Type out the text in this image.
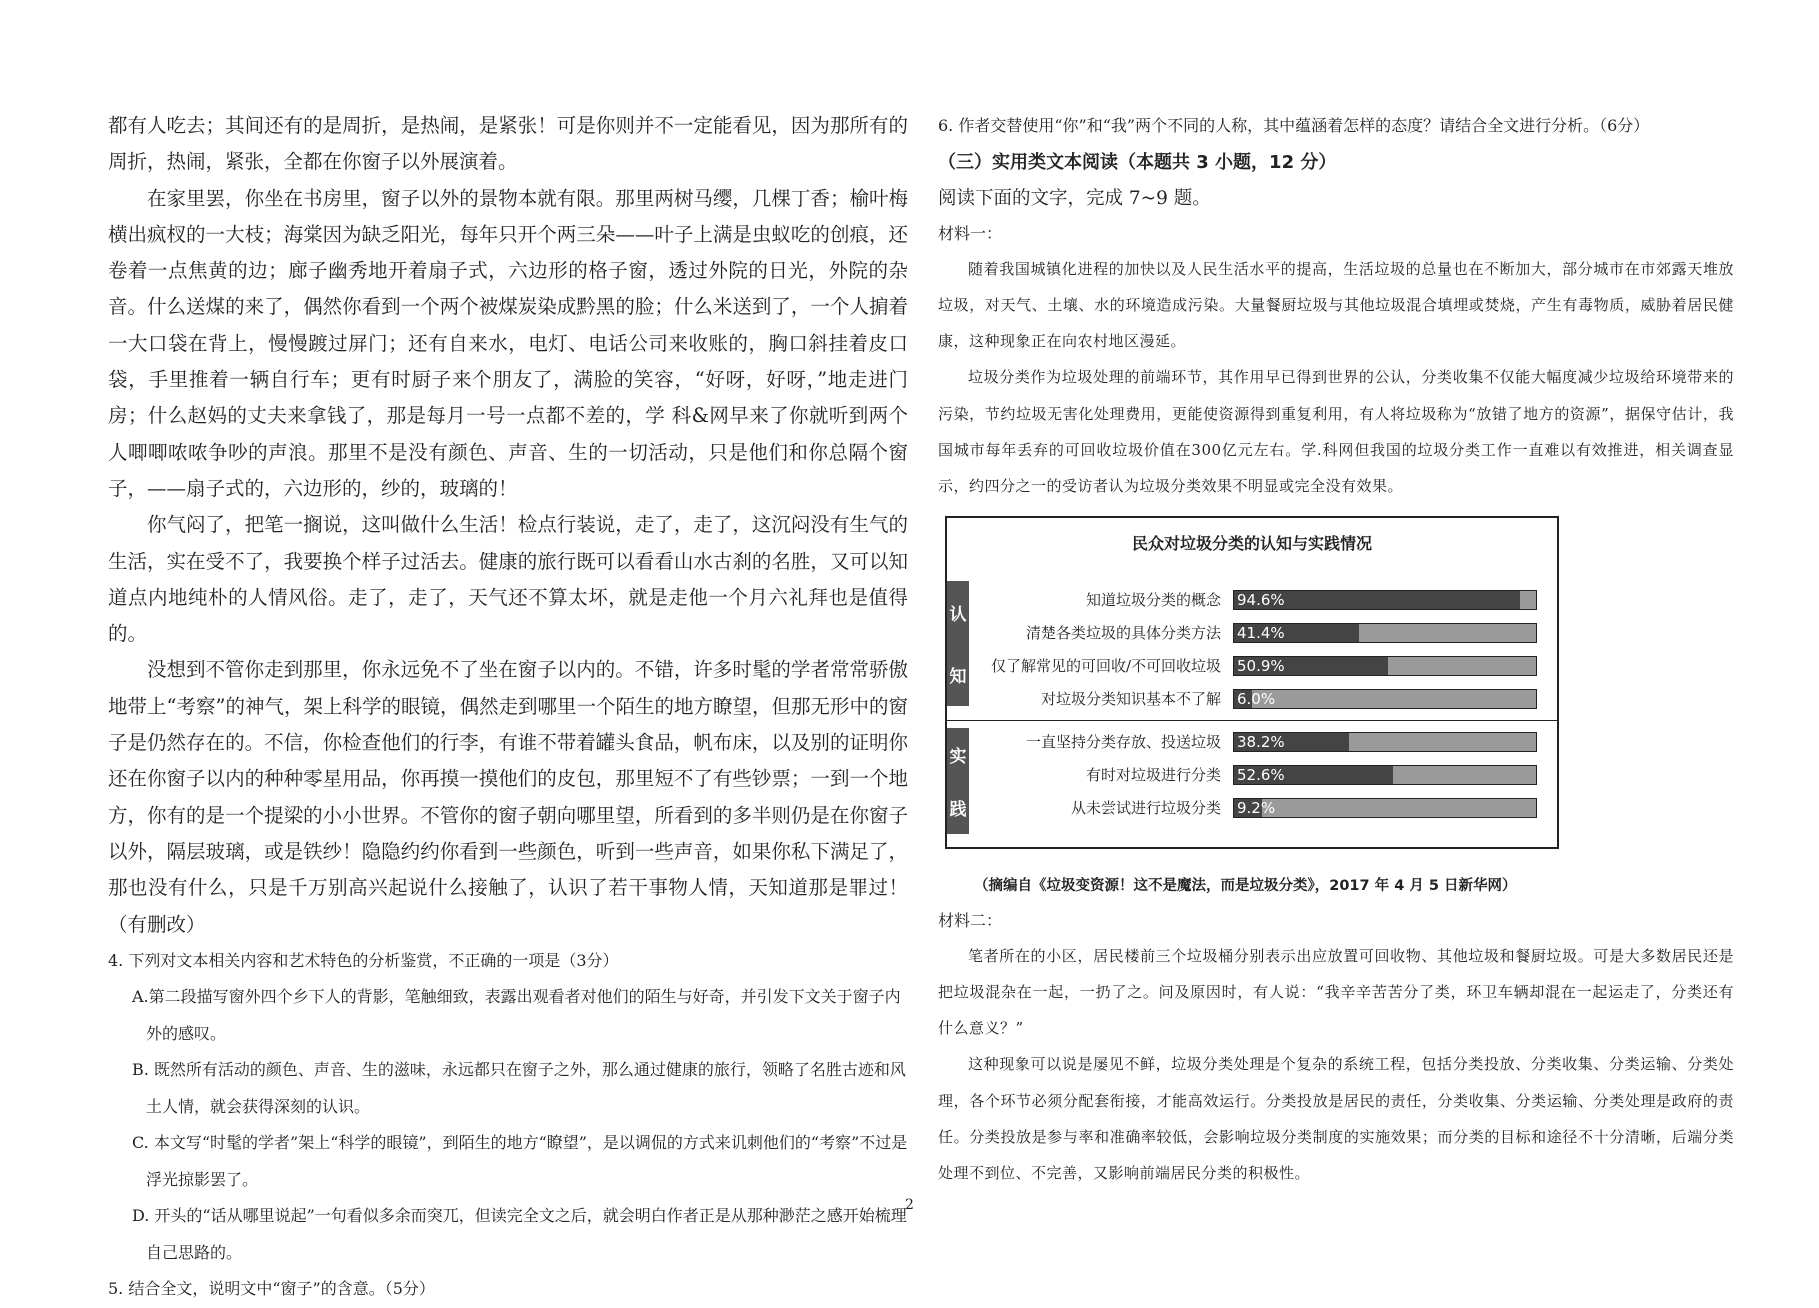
都有人吃去；其间还有的是周折，是热闹，是紧张！可是你则并不一定能看见，因为那所有的周折，热闹，紧张，全都在你窗子以外展演着。

在家里罢，你坐在书房里，窗子以外的景物本就有限。那里两树马缨，几棵丁香；榆叶梅横出疯杈的一大枝；海棠因为缺乏阳光，每年只开个两三朵——叶子上满是虫蚁吃的创痕，还卷着一点焦黄的边；廊子幽秀地开着扇子式，六边形的格子窗，透过外院的日光，外院的杂音。什么送煤的来了，偶然你看到一个两个被煤炭染成黔黑的脸；什么米送到了，一个人掮着一大口袋在背上，慢慢踱过屏门；还有自来水，电灯、电话公司来收账的，胸口斜挂着皮口袋，手里推着一辆自行车；更有时厨子来个朋友了，满脸的笑容，“好呀，好呀，”地走进门房；什么赵妈的丈夫来拿钱了，那是每月一号一点都不差的，学 科&网早来了你就听到两个人唧唧哝哝争吵的声浪。那里不是没有颜色、声音、生的一切活动，只是他们和你总隔个窗子，——扇子式的，六边形的，纱的，玻璃的！

你气闷了，把笔一搁说，这叫做什么生活！检点行装说，走了，走了，这沉闷没有生气的生活，实在受不了，我要换个样子过活去。健康的旅行既可以看看山水古刹的名胜，又可以知道点内地纯朴的人情风俗。走了，走了，天气还不算太坏，就是走他一个月六礼拜也是值得的。

没想到不管你走到那里，你永远免不了坐在窗子以内的。不错，许多时髦的学者常常骄傲地带上“考察”的神气，架上科学的眼镜，偶然走到哪里一个陌生的地方瞭望，但那无形中的窗子是仍然存在的。不信，你检查他们的行李，有谁不带着罐头食品，帆布床，以及别的证明你还在你窗子以内的种种零星用品，你再摸一摸他们的皮包，那里短不了有些钞票；一到一个地方，你有的是一个提梁的小小世界。不管你的窗子朝向哪里望，所看到的多半则仍是在你窗子以外，隔层玻璃，或是铁纱！隐隐约约你看到一些颜色，听到一些声音，如果你私下满足了，那也没有什么，只是千万别高兴起说什么接触了，认识了若干事物人情，天知道那是罪过！（有删改）

4. 下列对文本相关内容和艺术特色的分析鉴赏，不正确的一项是（3分）

A.第二段描写窗外四个乡下人的背影，笔触细致，表露出观看者对他们的陌生与好奇，并引发下文关于窗子内外的感叹。

B. 既然所有活动的颜色、声音、生的滋味，永远都只在窗子之外，那么通过健康的旅行，领略了名胜古迹和风土人情，就会获得深刻的认识。

C. 本文写“时髦的学者”架上“科学的眼镜”，到陌生的地方“瞭望”，是以调侃的方式来讥刺他们的“考察”不过是浮光掠影罢了。

D. 开头的“话从哪里说起”一句看似多余而突兀，但读完全文之后，就会明白作者正是从那种渺茫之感开始梳理自己思路的。

5. 结合全文，说明文中“窗子”的含意。（5分）

6. 作者交替使用“你”和“我”两个不同的人称，其中蕴涵着怎样的态度？请结合全文进行分析。（6分）

（三）实用类文本阅读（本题共 3 小题，12 分）

阅读下面的文字，完成 7~9 题。

材料一：

随着我国城镇化进程的加快以及人民生活水平的提高，生活垃圾的总量也在不断加大，部分城市在市郊露天堆放垃圾，对天气、土壤、水的环境造成污染。大量餐厨垃圾与其他垃圾混合填埋或焚烧，产生有毒物质，威胁着居民健康，这种现象正在向农村地区漫延。

垃圾分类作为垃圾处理的前端环节，其作用早已得到世界的公认，分类收集不仅能大幅度减少垃圾给环境带来的污染，节约垃圾无害化处理费用，更能使资源得到重复利用，有人将垃圾称为“放错了地方的资源”，据保守估计，我国城市每年丢弃的可回收垃圾价值在300亿元左右。学.科网但我国的垃圾分类工作一直难以有效推进，相关调查显示，约四分之一的受访者认为垃圾分类效果不明显或完全没有效果。

（摘编自《垃圾变资源！这不是魔法，而是垃圾分类》，2017 年 4 月 5 日新华网）

材料二：

笔者所在的小区，居民楼前三个垃圾桶分别表示出应放置可回收物、其他垃圾和餐厨垃圾。可是大多数居民还是把垃圾混杂在一起，一扔了之。问及原因时，有人说：“我辛辛苦苦分了类，环卫车辆却混在一起运走了，分类还有什么意义？”

这种现象可以说是屡见不鲜，垃圾分类处理是个复杂的系统工程，包括分类投放、分类收集、分类运输、分类处理，各个环节必须分配套衔接，才能高效运行。分类投放是居民的责任，分类收集、分类运输、分类处理是政府的责任。分类投放是参与率和准确率较低，会影响垃圾分类制度的实施效果；而分类的目标和途径不十分清晰，后端分类处理不到位、不完善，又影响前端居民分类的积极性。

民众对垃圾分类的认知与实践情况
认
知
实
践
知道垃圾分类的概念 94.6%
清楚各类垃圾的具体分类方法 41.4%
仅了解常见的可回收/不可回收垃圾 50.9%
对垃圾分类知识基本不了解 6.0%
一直坚持分类存放、投送垃圾 38.2%
有时对垃圾进行分类 52.6%
从未尝试进行垃圾分类 9.2%
2
